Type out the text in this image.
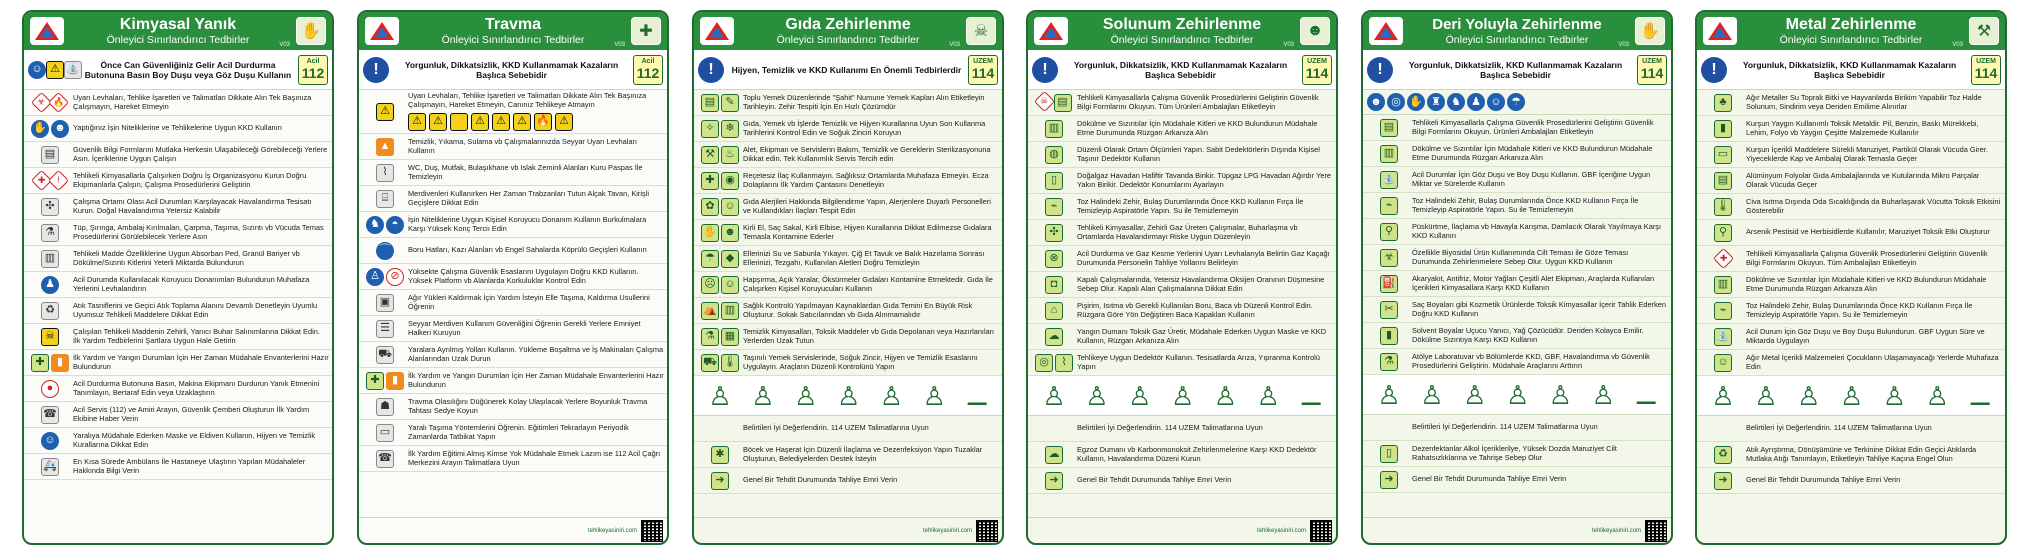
Kimyasal Yanık
Önleyici Sınırlandırıcı Tedbirler	V03
✋
☺ ⚠ ⛲	Önce Can Güvenliğiniz Gelir Acil Durdurma Butonuna Basın Boy Duşu veya Göz Duşu Kullanın
Acil
112
☣ 🔥 Uyarı Levhaları, Tehlike İşaretleri ve Talimatları Dikkate Alın Tek Başınıza Çalışmayın, Hareket Etmeyin
✋ ☻ Yaptığınız İşin Niteliklerine ve Tehlikelerine Uygun KKD Kullanın
▤	Güvenlik Bilgi Formlarını Mutlaka Herkesin Ulaşabileceği Görebileceği Yerlere Asın. İçeriklerine Uygun Çalışın
✚ ! Tehlikeli Kimyasallarla Çalışırken Doğru İş Organizasyonu Kurun Doğru Ekipmanlarla Çalışın, Çalışma Prosedürlerini Geliştirin
✣	Çalışma Ortamı Olası Acil Durumları Karşılayacak Havalandırma Tesisatı Kurun. Doğal Havalandırma Yetersiz Kalabilir
⚗	Tüp, Şırınga, Ambalaj Kırılmaları, Çarpma, Taşıma, Sızıntı vb Vücuda Temas Prosedürlerini Görülebilecek Yerlere Asın
▥	Tehlikeli Madde Özelliklerine Uygun Absorban Ped, Granül Bariyer vb Dökülme/Sızıntı Kitlerini Yeterli Miktarda Bulundurun
♟	Acil Durumda Kullanılacak Koruyucu Donanımları Bulundurun Muhafaza Yerlerini Levhalandırın
♻	Atık Tasniflerini ve Geçici Atık Toplama Alanını Devamlı Denetleyin Uyumlu Uyumsuz Tehlikeli Maddelere Dikkat Edin
☠	Çalışılan Tehlikeli Maddenin Zehirli, Yanıcı Buhar Salınımlarına Dikkat Edin. İlk Yardım Tedbirlerini Şartlara Uygun Hale Getirin
✚	▮	İlk Yardım ve Yangın Durumları İçin Her Zaman Müdahale Envanterlerini Hazır Bulundurun
●	Acil Durdurma Butonuna Basın, Makina Ekipmanı Durdurun Yanık Etmenini Tanımlayın, Bertaraf Edin veya Uzaklaştırın
☎ Acil Servis (112) ve Amiri Arayın, Güvenlik Çemberi Oluşturun İlk Yardım Ekibine Haber Verin
☺	Yaralıya Müdahale Ederken Maske ve Eldiven Kullanın, Hijyen ve Temizlik Kurallarına Dikkat Edin
🚑 En Kısa Sürede Ambülans İle Hastaneye Ulaştırın Yapılan Müdahaleler Hakkında Bilgi Verin
Travma
Önleyici Sınırlandırıcı Tedbirler	V03
✚
!	Yorgunluk, Dikkatsizlik, KKD Kullanmamak Kazaların Başlıca Sebebidir
Acil
112
⚠
Uyarı Levhaları, Tehlike İşaretleri ve Talimatları Dikkate Alın Tek Başınıza Çalışmayın, Hareket Etmeyin, Canınız Tehlikeye Atmayın
⚠	⚠ ⚡ ⚠	⚠	⚠ 🔥 ⚠
▲	Temizlik, Yıkama, Sulama vb Çalışmalarınızda Seyyar Uyarı Levhaları Kullanın
⌇	WC, Duş, Mutfak, Bulaşıkhane vb Islak Zeminli Alanları Kuru Paspas İle Temizleyin
⌸	Merdivenleri Kullanırken Her Zaman Trabzanları Tutun Alçak Tavan, Kirişli Geçişlere Dikkat Edin
♞	◓	İşin Niteliklerine Uygun Kişisel Koruyucu Donanım Kullanın Burkulmalara Karşı Yüksek Konç Terciı Edin
⌒	Boru Hatları, Kazı Alanları vb Engel Sahalarda Köprülü Geçişleri Kullanın
♙ ⊘	Yüksekte Çalışma Güvenlik Esaslarını Uygulayın Doğru KKD Kullanın. Yüksek Platform vb Alanlarda Korkuluklar Kontrol Edin
▣	Ağır Yükleri Kaldırmak İçin Yardım İsteyin Elle Taşıma, Kaldırma Usullerini Öğrenin
☰	Seyyar Merdiven Kullanım Güvenliğini Öğrenin Gerekli Yerlere Emniyet Halkeri Kuruyun
⛟ Yaralara Ayrılmış Yolları Kullanın. Yükleme Boşaltma ve İş Makinaları Çalışma Alanlarından Uzak Durun
✚	▮	İlk Yardım ve Yangın Durumları İçin Her Zaman Müdahale Envanterlerini Hazır Bulundurun
☗	Travma Olasılığını Düğünerek Kolay Ulaşılacak Yerlere Boyunluk Travma Tahtası Sedye Koyun
▭	Yaralı Taşıma Yöntemlerini Öğrenin. Eğitimleri Tekrarlayın Periyodik Zamanlarda Tatbikat Yapın
☎ İlk Yardım Eğitimi Almış Kimse Yok Müdahale Etmek Lazım ise 112 Acil Çağrı Merkezini Arayın Talimatlara Uyun
tehlikeyasiniri.com
Gıda Zehirlenme
Önleyici Sınırlandırıcı Tedbirler	V03
☠
!	Hijyen, Temizlik ve KKD Kullanımı En Önemli Tedbirlerdir
UZEM
114
▤ ✎	Toplu Yemek Düzenlerinde "Şahit" Numune Yemek Kapları Alın Etiketleyin Tarihleyin. Zehir Tespiti İçin En Hızlı Çözümdür
✧ ❄	Gıda, Yemek vb İşlerde Temizlik ve Hijyen Kurallarına Uyun Son Kullanma Tarihlerini Kontrol Edin ve Soğuk Zinciri Koruyun
⚒ ♨	Alet, Ekipman ve Servislerin Bakım, Temizlik ve Gereklerin Sterilizasyonuna Dikkat edin. Tek Kullanımlık Servis Tercih edin
✚ ◉	Reçetesiz İlaç Kullanmayın. Sağlıksız Ortamlarda Muhafaza Etmeyin. Ecza Dolaplarını İlk Yardım Çantasını Denetleyin
✿ ☺ Gıda Alerjileri Hakkında Bilgilendirme Yapın, Alerjenlere Duyarlı Personelleri ve Kullandıkları İlaçları Tespit Edin
✋ ☻ Kirli El, Saç Sakal, Kirli Elbise, Hijyen Kurallarına Dikkat Edilmezse Gıdalara Temasla Kontamine Ederler
☂ ◆	Ellerinizi Su ve Sabunla Yıkayın. Çiğ Et Tavuk ve Balık Hazırlama Sonrası Ellerinizi, Tezgahı, Kullanılan Aletleri Doğru Temizleyin
☹ ☺ Hapşırma, Açık Yaralar, Öksürmeler Gıdaları Kontamine Etmektedir. Gıda İle Çalışırken Kişisel Koruyucuları Kullanın
⛺ ▥	Sağlık Kontrolü Yapılmayan Kaynaklardan Gıda Temini En Büyük Risk Oluşturur. Sokak Satıcılarından vb Gıda Alınmamalıdır
⚗ ▦	Temizlik Kimyasalları, Toksik Maddeler vb Gıda Depolanan veya Hazırlanılan Yerlerden Uzak Tutun
⛟ 🌡 Taşınılı Yemek Servislerinde, Soğuk Zincir, Hijyen ve Temizlik Esaslarını Uygulayın. Araçların Düzenli Kontrolünü Yapın
♙ ♙ ♙ ♙ ♙ ♙ ⚊
Belirtileri İyi Değerlendirin. 114 UZEM Talimatlarına Uyun
✱	Böcek ve Haşerat İçin Düzenli İlaçlama ve Dezenfeksiyon Yapın Tuzaklar Oluşturun, Belediyelerden Destek İsteyin
➜	Genel Bir Tehdit Durumunda Tahliye Emri Verin
tehlikeyasiniri.com
Solunum Zehirlenme
Önleyici Sınırlandırıcı Tedbirler	V03
☻
!	Yorgunluk, Dikkatsizlik, KKD Kullanmamak Kazaların Başlıca Sebebidir
UZEM
114
☠ ▤	Tehlikeli Kimyasallarla Çalışma Güvenlik Prosedürlerini Geliştirin Güvenlik Bilgi Formlarını Okuyun. Tüm Ürünleri Ambalajları Etiketleyin
▥	Dökülme ve Sızıntılar İçin Müdahale Kitleri ve KKD Bulundurun Müdahale Etme Durumunda Rüzgarı Arkanıza Alın
◍	Düzenli Olarak Ortam Ölçümleri Yapın. Sabit Dedektörlerin Dışında Kişisel Taşınır Dedektör Kullanın
▯	Doğalgaz Havadan Hafiftir Tavanda Birikir. Tüpgaz LPG Havadan Ağırdır Yere Yakın Birikir. Dedektör Konumlarını Ayarlayın
⌁	Toz Halindeki Zehir, Bulaş Durumlarında Önce KKD Kullanın Fırça İle Temizleyip Aspiratörle Yapın. Su ile Temizlemeyin
✣	Tehlikeli Kimyasallar, Zehirli Gaz Üreten Çalışmalar, Buharlaşma vb Ortamlarda Havalandırmayı Riske Uygun Düzenleyin
⊗	Acil Durdurma ve Gaz Kesme Yerlerini Uyarı Levhalarıyla Belirtin Gaz Kaçağı Durumunda Personelin Tahliye Yollarını Belirleyin
◘	Kapalı Çalışmalarında, Yetersiz Havalandırma Oksijen Oranının Düşmesine Sebep Olur. Kapalı Alan Çalışmalarına Dikkat Edin
⌂	Pişirim, Isıtma vb Gerekli Kullanılan Boru, Baca vb Düzenli Kontrol Edin. Rüzgara Göre Yön Değiştiren Baca Kapakları Kullanın
☁	Yangın Dumanı Toksik Gaz Üretir, Müdahale Ederken Uygun Maske ve KKD Kullanın, Rüzgarı Arkanıza Alın
◎	⌇	Tehlikeye Uygun Dedektör Kullanın. Tesisatlarda Arıza, Yıpranma Kontrolü Yapın
♙ ♙ ♙ ♙ ♙ ♙ ⚊
Belirtileri İyi Değerlendirin. 114 UZEM Talimatlarına Uyun
☁	Egzoz Dumanı vb Karbonmonoksit Zehirlenmelerine Karşı KKD Dedektör Kullanın, Havalandırma Düzeni Kurun
➜	Genel Bir Tehdit Durumunda Tahliye Emri Verin
tehlikeyasiniri.com
Deri Yoluyla Zehirlenme
Önleyici Sınırlandırıcı Tedbirler	V03
✋
!	Yorgunluk, Dikkatsizlik, KKD Kullanmamak Kazaların Başlıca Sebebidir
UZEM
114
☻ ◎ ✋ ♜ ♞ ♟ ☺ ☂
▤	Tehlikeli Kimyasallarla Çalışma Güvenlik Prosedürlerini Geliştirin Güvenlik Bilgi Formlarını Okuyun. Ürünleri Ambalajları Etiketleyin
▥	Dökülme ve Sızıntılar İçin Müdahale Kitleri ve KKD Bulundurun Müdahale Etme Durumunda Rüzgarı Arkanıza Alın
⛲ Acil Durumlar İçin Göz Duşu ve Boy Duşu Kullanın. GBF İçeriğine Uygun Miktar ve Sürelerde Kullanın
⌁	Toz Halindeki Zehir, Bulaş Durumlarında Önce KKD Kullanın Fırça İle Temizleyip Aspiratörle Yapın. Su ile Temizlemeyin
⚲	Püskürtme, İlaçlama vb Havayla Karışma, Damlacık Olarak Yayılmaya Karşı KKD Kullanın
☣	Özellikle Biyosidal Ürün Kullanımında Cilt Teması ile Göze Teması Durumunda Zehirlenmelere Sebep Olur. Uygun KKD Kullanın
⛽ Akaryakıt, Antifriz, Motor Yağları Çeşitli Alet Ekipman, Araçlarda Kullanılan İçerikleri Kimyasallara Karşı KKD Kullanın
✂	Saç Boyaları gibi Kozmetik Ürünlerde Toksik Kimyasallar İçerir Tahlik Ederken Doğru KKD Kullanın
▮	Solvent Boyalar Uçucu Yanıcı, Yağ Çözücüdür. Deriden Kolayca Emilir. Dökülme Sızıntıya Karşı KKD Kullanın
⚗	Atölye Laboratuvar vb Bölümlerde KKD, GBF, Havalandırma vb Güvenlik Prosedürlerini Geliştirin. Müdahale Araçlarını Arttırın
♙ ♙ ♙ ♙ ♙ ♙ ⚊
Belirtileri İyi Değerlendirin. 114 UZEM Talimatlarına Uyun
▯	Dezenfektanlar Alkol İçeriklerilye, Yüksek Dozda Maruziyet Cilt Rahatsızlıklarına ve Tahrişe Sebep Olur
➜	Genel Bir Tehdit Durumunda Tahliye Emri Verin
tehlikeyasiniri.com
Metal Zehirlenme
Önleyici Sınırlandırıcı Tedbirler	V03
⚒
!	Yorgunluk, Dikkatsizlik, KKD Kullanmamak Kazaların Başlıca Sebebidir
UZEM
114
♣	Ağır Metaller Su Toprak Bitki ve Hayvanlarda Birikim Yapabilir Toz Halde Solunum, Sindirim veya Deriden Emilime Alınırlar
▮	Kurşun Yaygın Kullanımlı Toksik Metaldir. Pil, Benzin, Baskı Mürekkebi, Lehim, Folyo vb Yaygın Çeşitte Malzemede Kullanılır
▭	Kurşun İçerikli Maddelere Sürekli Maruziyet, Partikül Olarak Vücuda Girer. Yiyeceklerde Kap ve Ambalaj Olarak Temasla Geçer
▤	Alüminyum Folyolar Gıda Ambalajlarında ve Kutularında Mikro Parçalar Olarak Vücuda Geçer
🌡 Civa Isıtma Dışında Oda Sıcaklığında da Buharlaşarak Vücutta Toksik Etkisini Gösterebilir
⚲	Arsenik Pestisid ve Herbisidlerde Kullanılır, Maruziyet Toksik Etki Oluşturur
✚	Tehlikeli Kimyasallarla Çalışma Güvenlik Prosedürlerini Geliştirin Güvenlik Bilgi Formlarını Okuyun. Tüm Ambalajları Etiketleyin
▥	Dökülme ve Sızıntılar İçin Müdahale Kitleri ve KKD Bulundurun Müdahale Etme Durumunda Rüzgarı Arkanıza Alın
⌁	Toz Halindeki Zehir, Bulaş Durumlarında Önce KKD Kullanın Fırça İle Temizleyip Aspiratörle Yapın. Su ile Temizlemeyin
⛲ Acil Durum İçin Göz Duşu ve Boy Duşu Bulundurun. GBF Uygun Süre ve Miktarda Uygulayın
☺	Ağır Metal İçerikli Malzemeleri Çocukların Ulaşamayacağı Yerlerde Muhafaza Edin
♙ ♙ ♙ ♙ ♙ ♙ ⚊
Belirtileri İyi Değerlendirin. 114 UZEM Talimatlarına Uyun
♻	Atık Ayrıştırma, Dönüşümüne ve Terkinine Dikkat Edin Geçici Atıklarda Mutlaka Atığı Tanımlayın, Etiketleyin Tahliye Kaçına Engel Olun
➜	Genel Bir Tehdit Durumunda Tahliye Emri Verin
